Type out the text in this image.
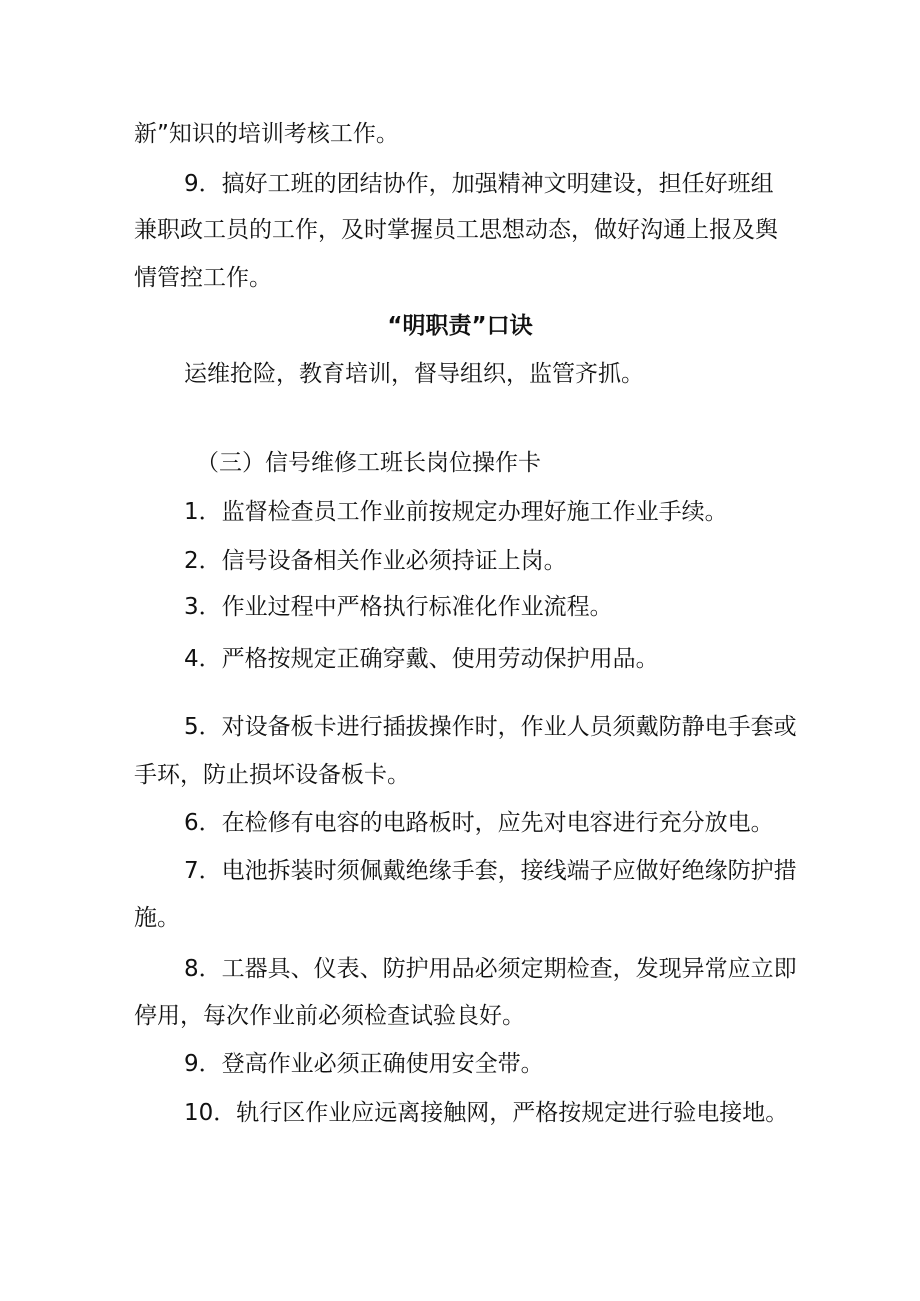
新”知识的培训考核工作。
9．搞好工班的团结协作，加强精神文明建设，担任好班组
兼职政工员的工作，及时掌握员工思想动态，做好沟通上报及舆
情管控工作。
“明职责”口诀
运维抢险，教育培训，督导组织，监管齐抓。
（三）信号维修工班长岗位操作卡
1．监督检查员工作业前按规定办理好施工作业手续。
2．信号设备相关作业必须持证上岗。
3．作业过程中严格执行标准化作业流程。
4．严格按规定正确穿戴、使用劳动保护用品。
5．对设备板卡进行插拔操作时，作业人员须戴防静电手套或
手环，防止损坏设备板卡。
6．在检修有电容的电路板时，应先对电容进行充分放电。
7．电池拆装时须佩戴绝缘手套，接线端子应做好绝缘防护措
施。
8．工器具、仪表、防护用品必须定期检查，发现异常应立即
停用，每次作业前必须检查试验良好。
9．登高作业必须正确使用安全带。
10．轨行区作业应远离接触网，严格按规定进行验电接地。
